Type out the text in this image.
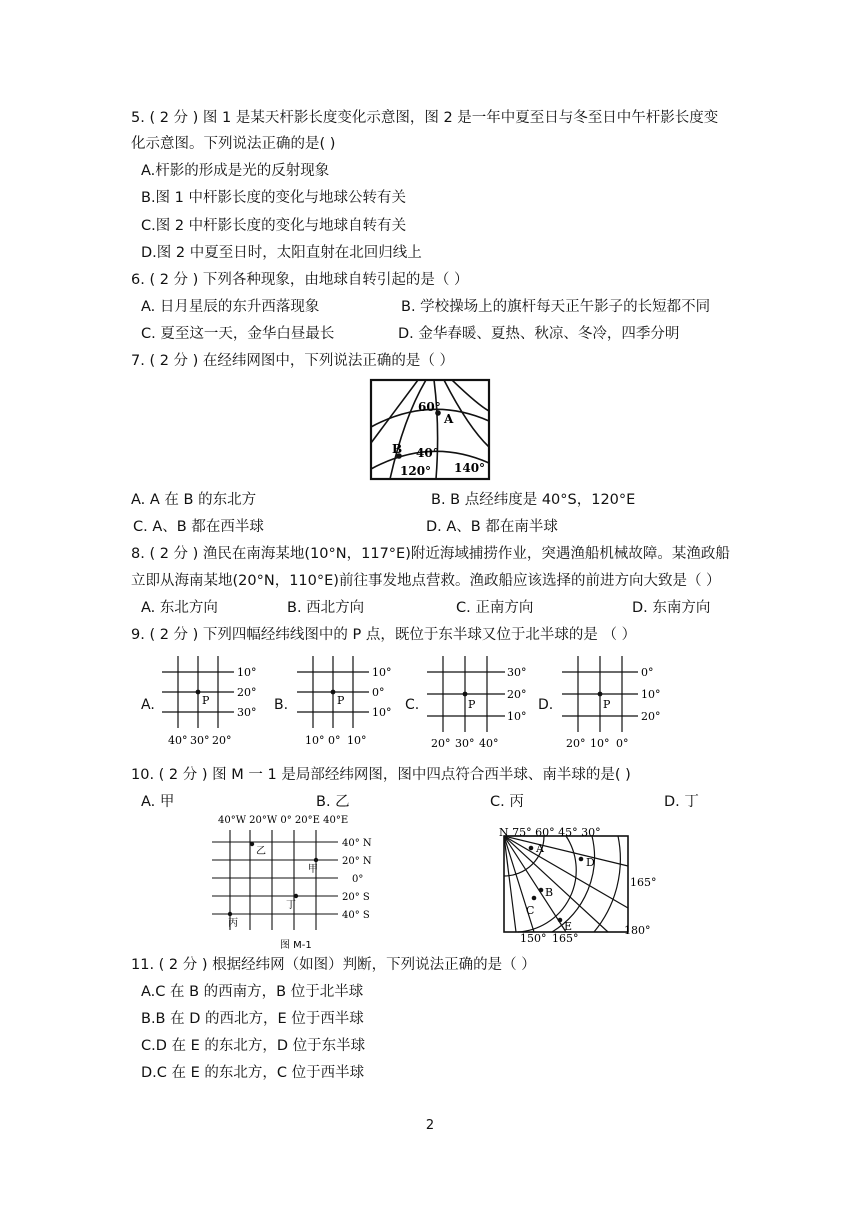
5. ( 2 分 ) 图 1 是某天杆影长度变化示意图，图 2 是一年中夏至日与冬至日中午杆影长度变
化示意图。下列说法正确的是( )
A.杆影的形成是光的反射现象
B.图 1 中杆影长度的变化与地球公转有关
C.图 2 中杆影长度的变化与地球自转有关
D.图 2 中夏至日时，太阳直射在北回归线上
6. ( 2 分 ) 下列各种现象，由地球自转引起的是（ ）
A. 日月星辰的东升西落现象	B. 学校操场上的旗杆每天正午影子的长短都不同
C. 夏至这一天，金华白昼最长	D. 金华春暖、夏热、秋凉、冬冷，四季分明
7. ( 2 分 ) 在经纬网图中，下列说法正确的是（ ）
60°
A
B 40°
120° 140°
A. A 在 B 的东北方	B. B 点经纬度是 40°S，120°E
C. A、B 都在西半球	D. A、B 都在南半球
8. ( 2 分 ) 渔民在南海某地(10°N，117°E)附近海域捕捞作业，突遇渔船机械故障。某渔政船
立即从海南某地(20°N，110°E)前往事发地点营救。渔政船应该选择的前进方向大致是（ ）
A. 东北方向	B. 西北方向	C. 正南方向	D. 东南方向
9. ( 2 分 ) 下列四幅经纬线图中的 P 点，既位于东半球又位于北半球的是 （ ）
A.	P
10°
20°
30°
40° 30° 20°
B.	P
10°
0°
10°
10° 0° 10°
C.	P
30°
20°
10°
20° 30° 40°
D.	P
0°
10°
20°
20° 10° 0°
10. ( 2 分 ) 图 M 一 1 是局部经纬网图，图中四点符合西半球、南半球的是( )
A. 甲	B. 乙	C. 丙	D. 丁
40°W 20°W 0° 20°E 40°E
40° N
20° N
0°
20° S
40° S
乙
甲
丁
丙
图 M-1
N 75° 60° 45° 30°
A
D
B
C
E
165°
180°
150° 165°
11. ( 2 分 ) 根据经纬网（如图）判断，下列说法正确的是（ ）
A.C 在 B 的西南方，B 位于北半球
B.B 在 D 的西北方，E 位于西半球
C.D 在 E 的东北方，D 位于东半球
D.C 在 E 的东北方，C 位于西半球
2
